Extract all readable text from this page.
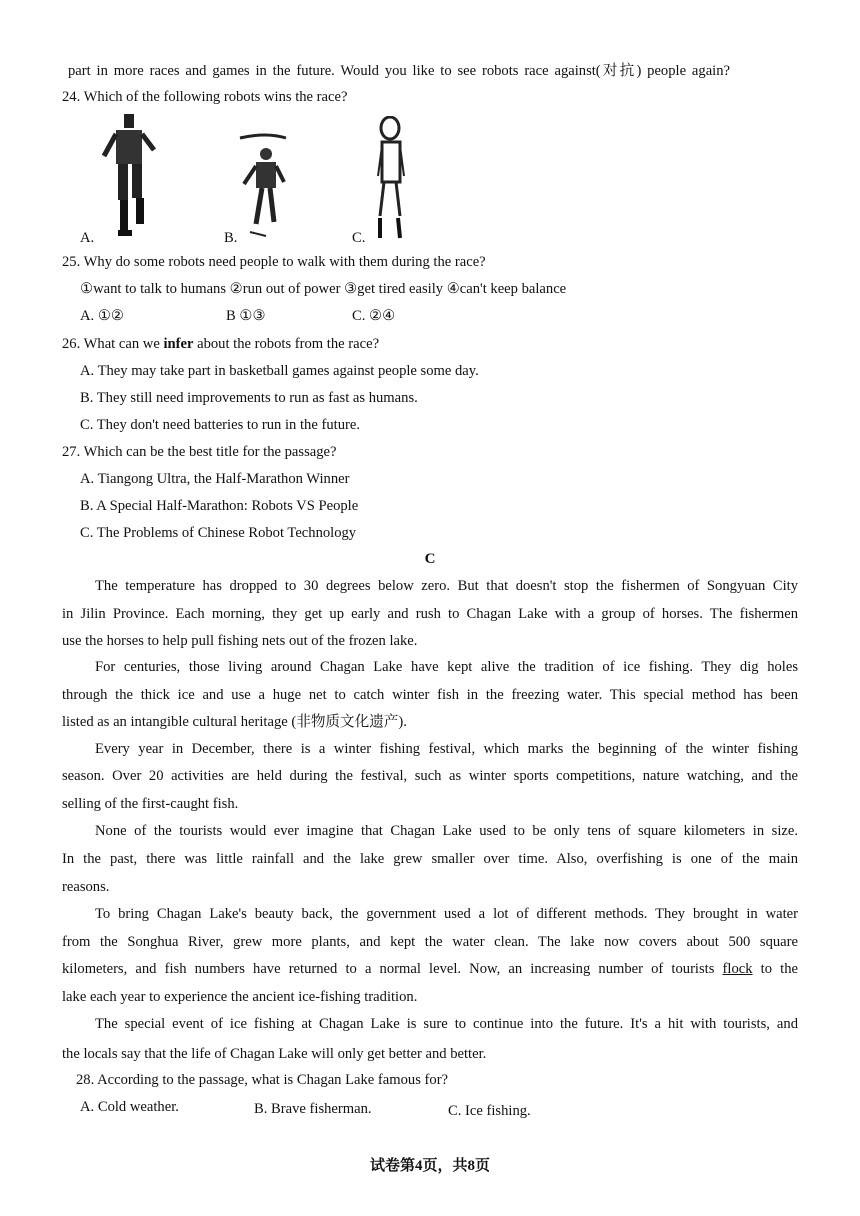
part in more races and games in the future. Would you like to see robots race against(对抗) people again?
24. Which of the following robots wins the race?
A.	B.	C.
25. Why do some robots need people to walk with them during the race?
①want to talk to humans ②run out of power ③get tired easily ④can't keep balance
A. ①②	B ①③	C. ②④
26. What can we infer about the robots from the race?
A. They may take part in basketball games against people some day.
B. They still need improvements to run as fast as humans.
C. They don't need batteries to run in the future.
27. Which can be the best title for the passage?
A. Tiangong Ultra, the Half-Marathon Winner
B. A Special Half-Marathon: Robots VS People
C. The Problems of Chinese Robot Technology
C
The temperature has dropped to 30 degrees below zero. But that doesn't stop the fishermen of Songyuan City
in Jilin Province. Each morning, they get up early and rush to Chagan Lake with a group of horses. The fishermen
use the horses to help pull fishing nets out of the frozen lake.
For centuries, those living around Chagan Lake have kept alive the tradition of ice fishing. They dig holes
through the thick ice and use a huge net to catch winter fish in the freezing water. This special method has been
listed as an intangible cultural heritage (非物质文化遗产).
Every year in December, there is a winter fishing festival, which marks the beginning of the winter fishing
season. Over 20 activities are held during the festival, such as winter sports competitions, nature watching, and the
selling of the first-caught fish.
None of the tourists would ever imagine that Chagan Lake used to be only tens of square kilometers in size.
In the past, there was little rainfall and the lake grew smaller over time. Also, overfishing is one of the main
reasons.
To bring Chagan Lake's beauty back, the government used a lot of different methods. They brought in water
from the Songhua River, grew more plants, and kept the water clean. The lake now covers about 500 square
kilometers, and fish numbers have returned to a normal level. Now, an increasing number of tourists flock to the
lake each year to experience the ancient ice-fishing tradition.
The special event of ice fishing at Chagan Lake is sure to continue into the future. It's a hit with tourists, and
the locals say that the life of Chagan Lake will only get better and better.
28. According to the passage, what is Chagan Lake famous for?
A. Cold weather.	B. Brave fisherman.	C. Ice fishing.
试卷第4页，共8页
